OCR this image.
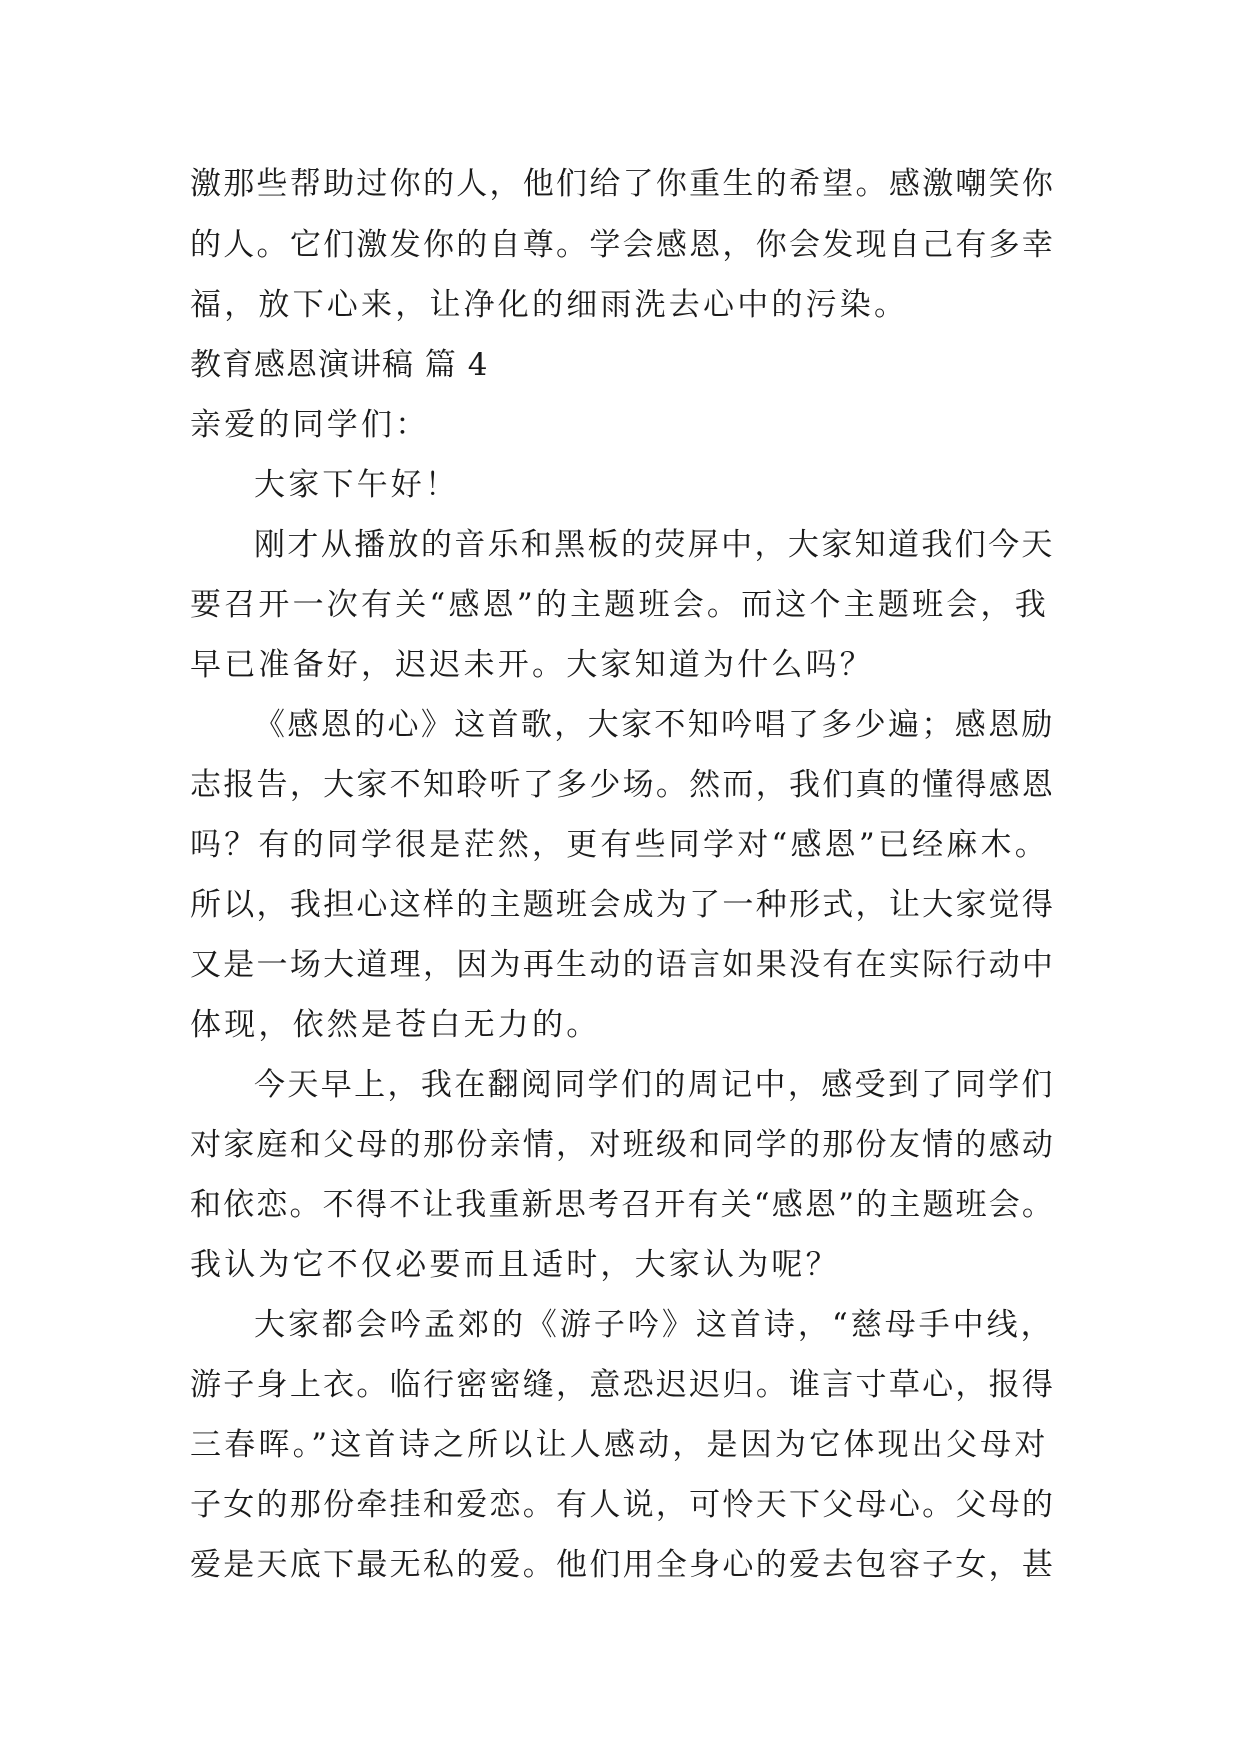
激那些帮助过你的人，他们给了你重生的希望。感激嘲笑你

的人。它们激发你的自尊。学会感恩，你会发现自己有多幸

福，放下心来，让净化的细雨洗去心中的污染。

教育感恩演讲稿 篇 4

亲爱的同学们：

大家下午好！

刚才从播放的音乐和黑板的荧屏中，大家知道我们今天

要召开一次有关“感恩”的主题班会。而这个主题班会，我

早已准备好，迟迟未开。大家知道为什么吗？

《感恩的心》这首歌，大家不知吟唱了多少遍；感恩励

志报告，大家不知聆听了多少场。然而，我们真的懂得感恩

吗？有的同学很是茫然，更有些同学对“感恩”已经麻木。

所以，我担心这样的主题班会成为了一种形式，让大家觉得

又是一场大道理，因为再生动的语言如果没有在实际行动中

体现，依然是苍白无力的。

今天早上，我在翻阅同学们的周记中，感受到了同学们

对家庭和父母的那份亲情，对班级和同学的那份友情的感动

和依恋。不得不让我重新思考召开有关“感恩”的主题班会。

我认为它不仅必要而且适时，大家认为呢？

大家都会吟孟郊的《游子吟》这首诗，“慈母手中线，

游子身上衣。临行密密缝，意恐迟迟归。谁言寸草心，报得

三春晖。”这首诗之所以让人感动，是因为它体现出父母对

子女的那份牵挂和爱恋。有人说，可怜天下父母心。父母的

爱是天底下最无私的爱。他们用全身心的爱去包容子女，甚
